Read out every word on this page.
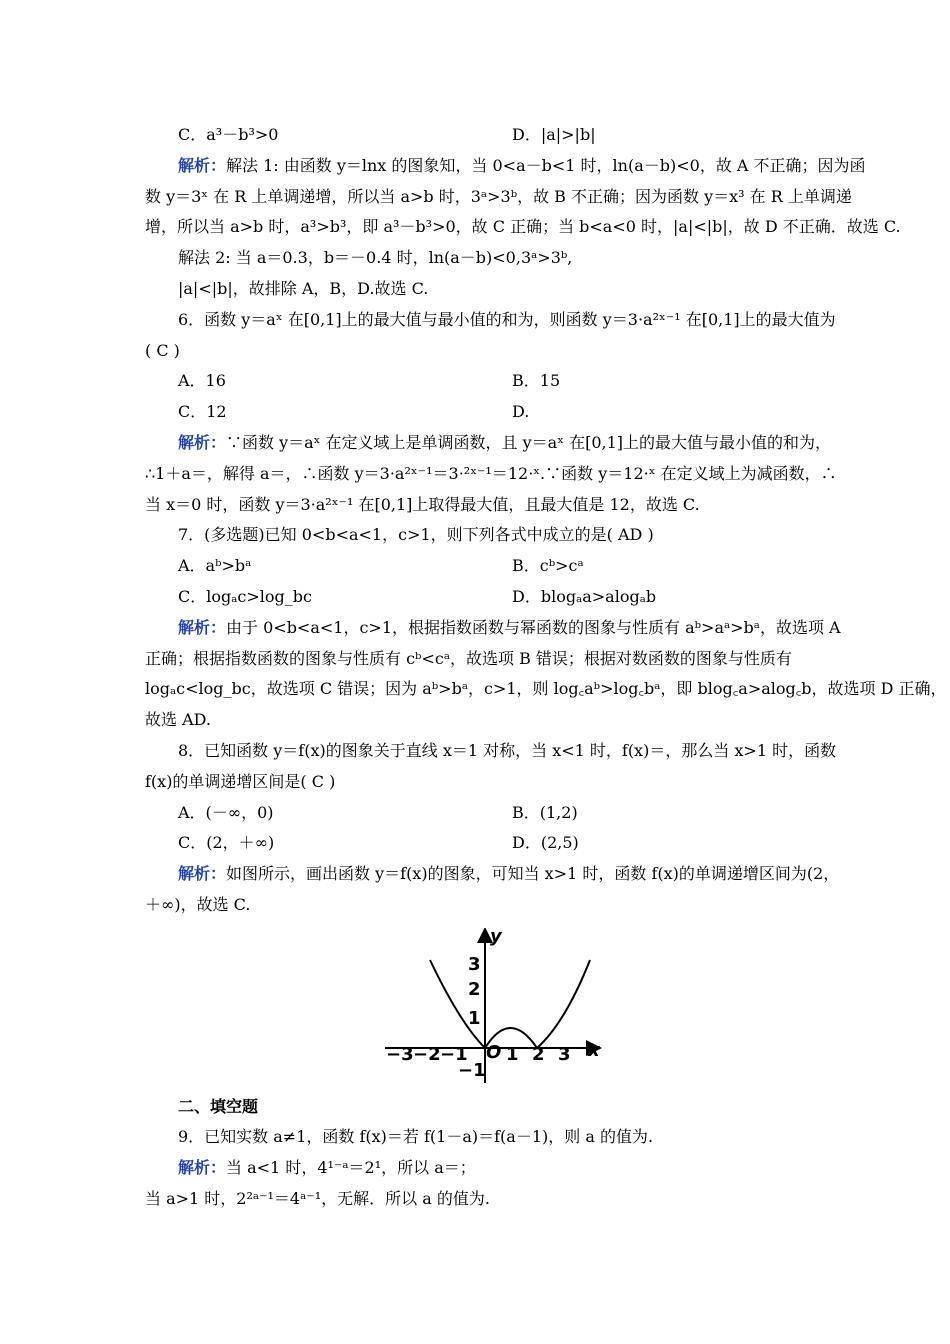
C．a³－b³>0	D．|a|>|b|
解析：解法 1: 由函数 y＝lnx 的图象知，当 0<a－b<1 时，ln(a－b)<0，故 A 不正确；因为函
数 y＝3ˣ 在 R 上单调递增，所以当 a>b 时，3ᵃ>3ᵇ，故 B 不正确；因为函数 y＝x³ 在 R 上单调递
增，所以当 a>b 时，a³>b³，即 a³－b³>0，故 C 正确；当 b<a<0 时，|a|<|b|，故 D 不正确．故选 C.
解法 2: 当 a＝0.3，b＝－0.4 时，ln(a－b)<0,3ᵃ>3ᵇ,
|a|<|b|，故排除 A，B，D.故选 C.
6．函数 y＝aˣ 在[0,1]上的最大值与最小值的和为，则函数 y＝3·a²ˣ⁻¹ 在[0,1]上的最大值为
( C )
A．16	B．15
C．12	D.
解析：∵函数 y＝aˣ 在定义域上是单调函数，且 y＝aˣ 在[0,1]上的最大值与最小值的和为，
∴1＋a＝，解得 a＝，∴函数 y＝3·a²ˣ⁻¹＝3·²ˣ⁻¹＝12·ˣ.∵函数 y＝12·ˣ 在定义域上为减函数，∴
当 x＝0 时，函数 y＝3·a²ˣ⁻¹ 在[0,1]上取得最大值，且最大值是 12，故选 C.
7．(多选题)已知 0<b<a<1，c>1，则下列各式中成立的是( AD )
A．aᵇ>bᵃ	B．cᵇ>cᵃ
C．logₐc>log_bc	D．blogₐa>alogₐb
解析：由于 0<b<a<1，c>1，根据指数函数与幂函数的图象与性质有 aᵇ>aᵃ>bᵃ，故选项 A
正确；根据指数函数的图象与性质有 cᵇ<cᵃ，故选项 B 错误；根据对数函数的图象与性质有
logₐc<log_bc，故选项 C 错误；因为 aᵇ>bᵃ，c>1，则 log꜀aᵇ>log꜀bᵃ，即 blog꜀a>alog꜀b，故选项 D 正确，
故选 AD.
8．已知函数 y＝f(x)的图象关于直线 x＝1 对称，当 x<1 时，f(x)＝，那么当 x>1 时，函数
f(x)的单调递增区间是( C )
A．(－∞，0)	B．(1,2)
C．(2，＋∞)	D．(2,5)
解析：如图所示，画出函数 y＝f(x)的图象，可知当 x>1 时，函数 f(x)的单调递增区间为(2，
＋∞)，故选 C.
二、填空题
9．已知实数 a≠1，函数 f(x)＝若 f(1－a)＝f(a－1)，则 a 的值为.
解析：当 a<1 时，4¹⁻ᵃ＝2¹，所以 a＝；
当 a>1 时，2²ᵃ⁻¹＝4ᵃ⁻¹，无解．所以 a 的值为.
y
x
O
−3 −2 −1 1 2 3
3
2
1
−1
